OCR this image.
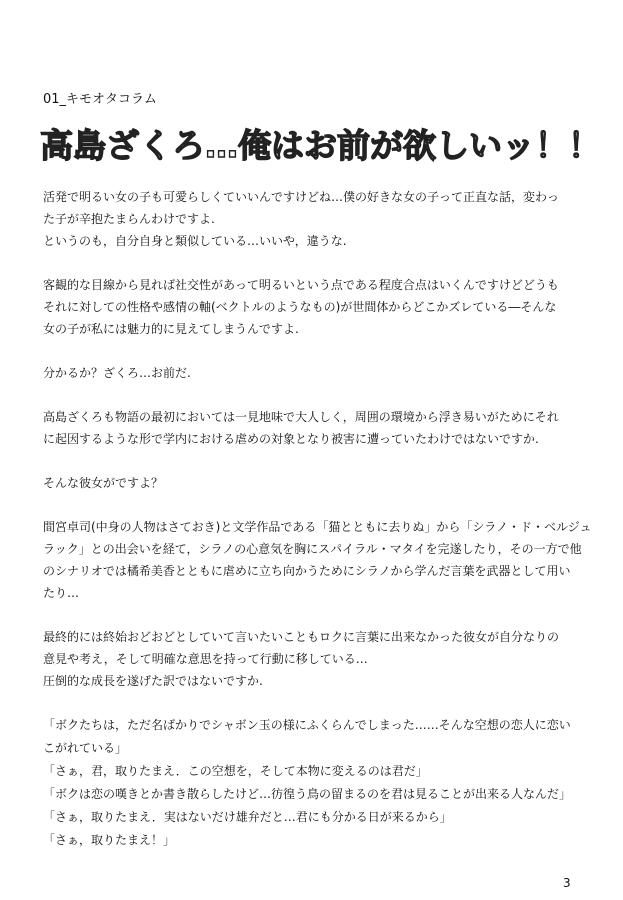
01_キモオタコラム
高島ざくろ…俺はお前が欲しいッ！！
活発で明るい女の子も可愛らしくていいんですけどね…僕の好きな女の子って正直な話，変わっ
た子が辛抱たまらんわけですよ.
というのも，自分自身と類似している…いいや，違うな.
客観的な目線から見れば社交性があって明るいという点である程度合点はいくんですけどどうも
それに対しての性格や感情の軸(ベクトルのようなもの)が世間体からどこかズレている―そんな
女の子が私には魅力的に見えてしまうんですよ.
分かるか？ざくろ…お前だ.
高島ざくろも物語の最初においては一見地味で大人しく，周囲の環境から浮き易いがためにそれ
に起因するような形で学内における虐めの対象となり被害に遭っていたわけではないですか.
そんな彼女がですよ？
間宮卓司(中身の人物はさておき)と文学作品である「猫とともに去りぬ」から「シラノ・ド・ベルジュ
ラック」との出会いを経て，シラノの心意気を胸にスパイラル・マタイを完遂したり，その一方で他
のシナリオでは橘希美香とともに虐めに立ち向かうためにシラノから学んだ言葉を武器として用い
たり…
最終的には終始おどおどとしていて言いたいこともロクに言葉に出来なかった彼女が自分なりの
意見や考え，そして明確な意思を持って行動に移している…
圧倒的な成長を遂げた訳ではないですか.
「ボクたちは，ただ名ばかりでシャボン玉の様にふくらんでしまった……そんな空想の恋人に恋い
こがれている」
「さぁ，君，取りたまえ．この空想を，そして本物に変えるのは君だ」
「ボクは恋の嘆きとか書き散らしたけど…彷徨う鳥の留まるのを君は見ることが出来る人なんだ」
「さぁ，取りたまえ．実はないだけ雄弁だと…君にも分かる日が来るから」
「さぁ，取りたまえ！」
3
